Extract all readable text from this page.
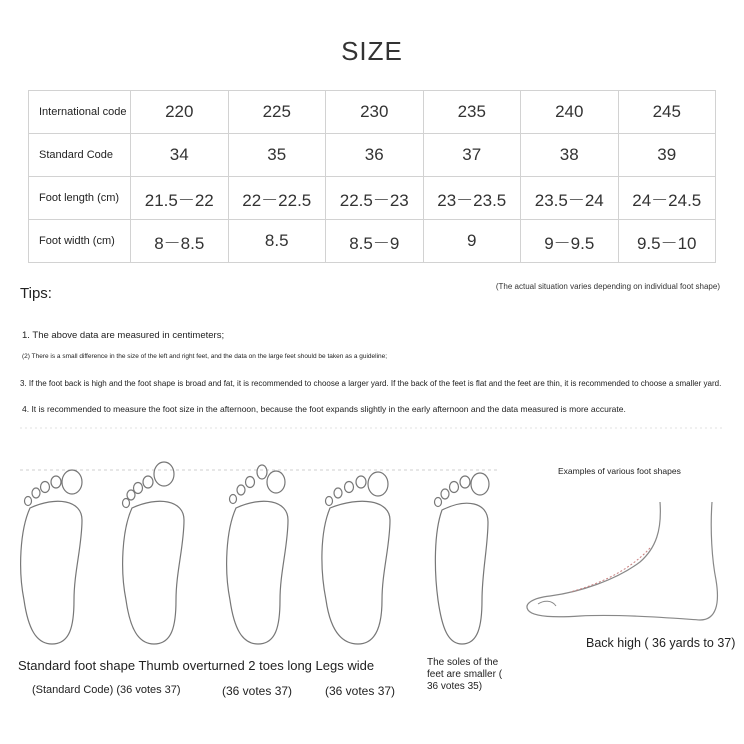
SIZE
International code	220	225	230	235	240	245
Standard Code	34	35	36	37	38	39
Foot length (cm)	21.5－22	22－22.5	22.5－23	23－23.5	23.5－24	24－24.5
Foot width (cm)	8－8.5	8.5	8.5－9	9	9－9.5	9.5－10
Tips:	(The actual situation varies depending on individual foot shape)
1. The above data are measured in centimeters;
(2) There is a small difference in the size of the left and right feet, and the data on the large feet should be taken as a guideline;
3. If the foot back is high and the foot shape is broad and fat, it is recommended to choose a larger yard. If the back of the feet is flat and the feet are thin, it is recommended to choose a smaller yard.
4. It is recommended to measure the foot size in the afternoon, because the foot expands slightly in the early afternoon and the data measured is more accurate.
Standard foot shape Thumb overturned 2 toes long Legs wide
(Standard Code) (36 votes 37)	(36 votes 37)	(36 votes 37)
The soles of the feet are smaller ( 36 votes 35)
Examples of various foot shapes
Back high ( 36 yards to 37)
